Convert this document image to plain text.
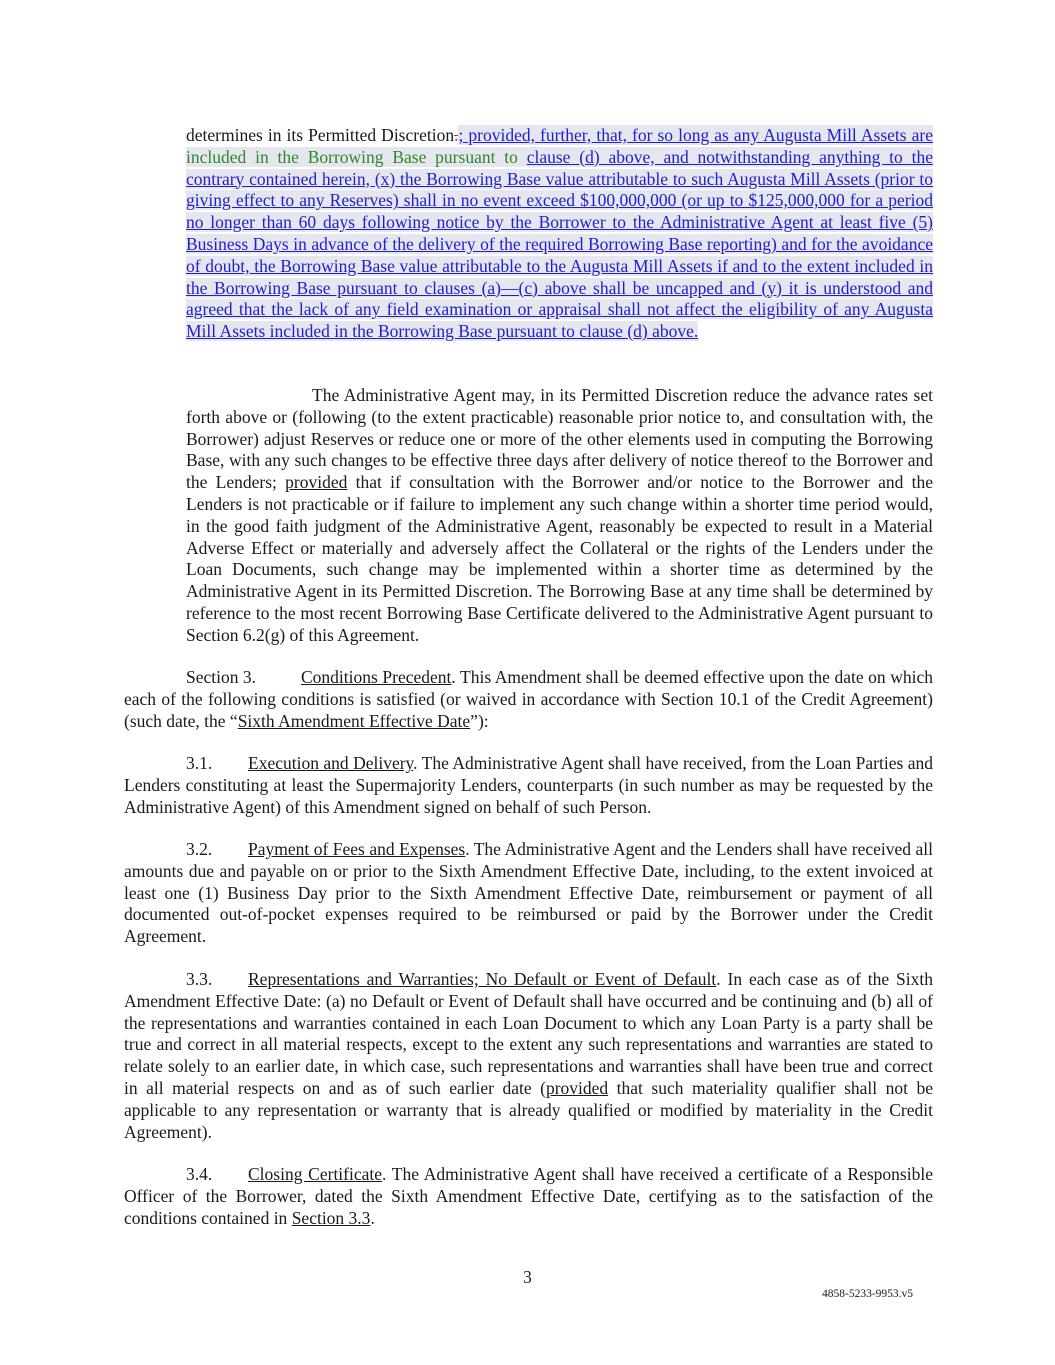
determines in its Permitted Discretion.; provided, further, that, for so long as any Augusta Mill Assets are included in the Borrowing Base pursuant to clause (d) above, and notwithstanding anything to the contrary contained herein, (x) the Borrowing Base value attributable to such Augusta Mill Assets (prior to giving effect to any Reserves) shall in no event exceed $100,000,000 (or up to $125,000,000 for a period no longer than 60 days following notice by the Borrower to the Administrative Agent at least five (5) Business Days in advance of the delivery of the required Borrowing Base reporting) and for the avoidance of doubt, the Borrowing Base value attributable to the Augusta Mill Assets if and to the extent included in the Borrowing Base pursuant to clauses (a)—(c) above shall be uncapped and (y) it is understood and agreed that the lack of any field examination or appraisal shall not affect the eligibility of any Augusta Mill Assets included in the Borrowing Base pursuant to clause (d) above.

The Administrative Agent may, in its Permitted Discretion reduce the advance rates set forth above or (following (to the extent practicable) reasonable prior notice to, and consultation with, the Borrower) adjust Reserves or reduce one or more of the other elements used in computing the Borrowing Base, with any such changes to be effective three days after delivery of notice thereof to the Borrower and the Lenders; provided that if consultation with the Borrower and/or notice to the Borrower and the Lenders is not practicable or if failure to implement any such change within a shorter time period would, in the good faith judgment of the Administrative Agent, reasonably be expected to result in a Material Adverse Effect or materially and adversely affect the Collateral or the rights of the Lenders under the Loan Documents, such change may be implemented within a shorter time as determined by the Administrative Agent in its Permitted Discretion. The Borrowing Base at any time shall be determined by reference to the most recent Borrowing Base Certificate delivered to the Administrative Agent pursuant to Section 6.2(g) of this Agreement.

Section 3.	Conditions Precedent. This Amendment shall be deemed effective upon the date on which each of the following conditions is satisfied (or waived in accordance with Section 10.1 of the Credit Agreement) (such date, the “Sixth Amendment Effective Date”):

3.1. Execution and Delivery. The Administrative Agent shall have received, from the Loan Parties and Lenders constituting at least the Supermajority Lenders, counterparts (in such number as may be requested by the Administrative Agent) of this Amendment signed on behalf of such Person.

3.2. Payment of Fees and Expenses. The Administrative Agent and the Lenders shall have received all amounts due and payable on or prior to the Sixth Amendment Effective Date, including, to the extent invoiced at least one (1) Business Day prior to the Sixth Amendment Effective Date, reimbursement or payment of all documented out-of-pocket expenses required to be reimbursed or paid by the Borrower under the Credit Agreement.

3.3. Representations and Warranties; No Default or Event of Default. In each case as of the Sixth Amendment Effective Date: (a) no Default or Event of Default shall have occurred and be continuing and (b) all of the representations and warranties contained in each Loan Document to which any Loan Party is a party shall be true and correct in all material respects, except to the extent any such representations and warranties are stated to relate solely to an earlier date, in which case, such representations and warranties shall have been true and correct in all material respects on and as of such earlier date (provided that such materiality qualifier shall not be applicable to any representation or warranty that is already qualified or modified by materiality in the Credit Agreement).

3.4. Closing Certificate. The Administrative Agent shall have received a certificate of a Responsible Officer of the Borrower, dated the Sixth Amendment Effective Date, certifying as to the satisfaction of the conditions contained in Section 3.3.

3
4858-5233-9953.v5
